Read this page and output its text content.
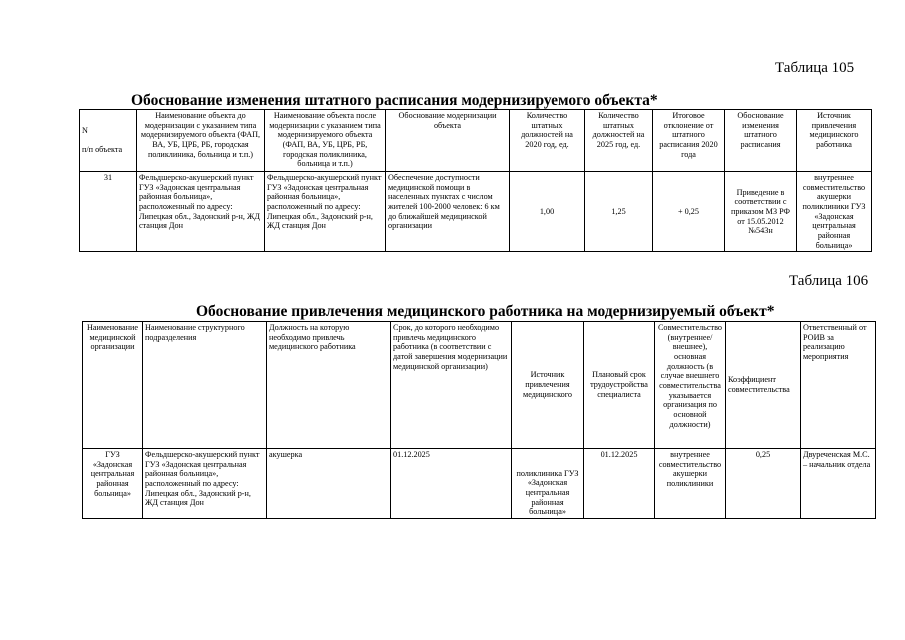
Таблица 105
Обоснование изменения штатного расписания модернизируемого объекта*
N

п/п объекта	Наименование объекта до модернизации с указанием типа модернизируемого объекта (ФАП, ВА, УБ, ЦРБ, РБ, городская поликлиника, больница и т.п.)	Наименование объекта после модернизации с указанием типа модернизируемого объекта (ФАП, ВА, УБ, ЦРБ, РБ, городская поликлиника, больница и т.п.)	Обоснование модернизации объекта	Количество штатных должностей на 2020 год, ед.	Количество штатных должностей на 2025 год, ед.	Итоговое отклонение от штатного расписания 2020 года	Обоснование изменения штатного расписания	Источник привлечения медицинского работника
31	Фельдшерско-акушерский пункт ГУЗ «Задонская центральная районная больница», расположенный по адресу: Липецкая обл., Задонский р-н, ЖД станция Дон	Фельдшерско-акушерский пункт ГУЗ «Задонская центральная районная больница», расположенный по адресу: Липецкая обл., Задонский р-н, ЖД станция Дон	Обеспечение доступности медицинской помощи в населенных пунктах с числом жителей 100-2000 человек: 6 км до ближайшей медицинской организации	1,00	1,25	+ 0,25	Приведение в соответствии с приказом МЗ РФ от 15.05.2012 №543н	внутреннее совместительство акушерки поликлиники ГУЗ «Задонская центральная районная больница»
Таблица 106
Обоснование привлечения медицинского работника на модернизируемый объект*
Наименование медицинской организации	Наименование структурного подразделения	Должность на которую необходимо привлечь медицинского работника	Срок, до которого необходимо привлечь медицинского работника (в соответствии с датой завершения модернизации медицинской организации)	Источник привлечения медицинского	Плановый срок трудоустройства специалиста	Совместительство (внутреннее/внешнее), основная должность (в случае внешнего совместительства указывается организация по основной должности)	Коэффициент совместительства	Ответственный от РОИВ за реализацию мероприятия
ГУЗ «Задонская центральная районная больница»	Фельдшерско-акушерский пункт ГУЗ «Задонская центральная районная больница», расположенный по адресу: Липецкая обл., Задонский р-н, ЖД станция Дон	акушерка	01.12.2025	поликлиника ГУЗ «Задонская центральная районная больница»	01.12.2025	внутреннее совместительство акушерки поликлиники	0,25	Двуреченская М.С. – начальник отдела
